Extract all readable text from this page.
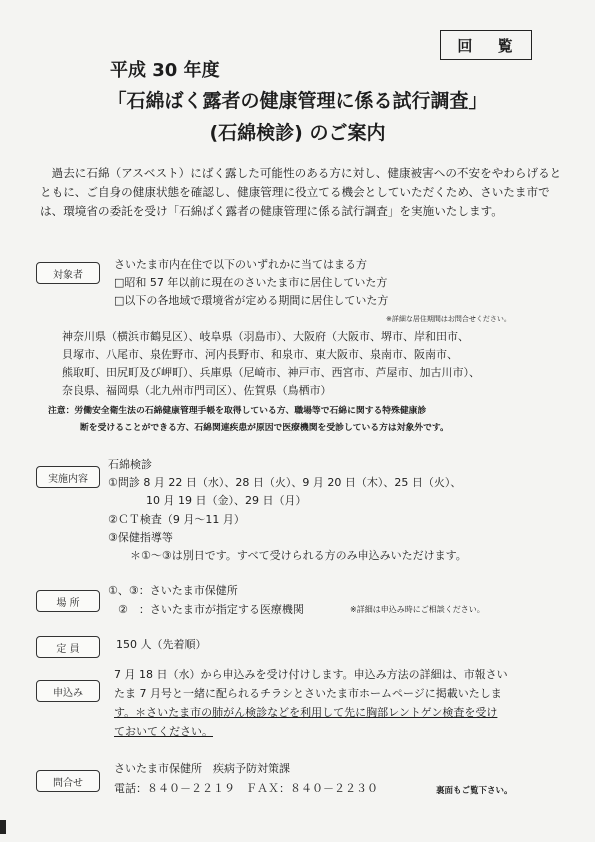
回 覧
平成 30 年度
「石綿ばく露者の健康管理に係る試行調査」
(石綿検診) のご案内
過去に石綿（アスベスト）にばく露した可能性のある方に対し、健康被害への不安をやわらげるとともに、ご自身の健康状態を確認し、健康管理に役立てる機会としていただくため、さいたま市では、環境省の委託を受け「石綿ばく露者の健康管理に係る試行調査」を実施いたします。
対象者
さいたま市内在住で以下のいずれかに当てはまる方
□昭和 57 年以前に現在のさいたま市に居住していた方
□以下の各地域で環境省が定める期間に居住していた方
※詳細な居住期間はお問合せください。
神奈川県（横浜市鶴見区）、岐阜県（羽島市）、大阪府（大阪市、堺市、岸和田市、
貝塚市、八尾市、泉佐野市、河内長野市、和泉市、東大阪市、泉南市、阪南市、
熊取町、田尻町及び岬町）、兵庫県（尼崎市、神戸市、西宮市、芦屋市、加古川市）、
奈良県、福岡県（北九州市門司区）、佐賀県（鳥栖市）
注意：労働安全衛生法の石綿健康管理手帳を取得している方、職場等で石綿に関する特殊健康診
断を受けることができる方、石綿関連疾患が原因で医療機関を受診している方は対象外です。
実施内容
石綿検診
①問診 8 月 22 日（水）、28 日（火）、9 月 20 日（木）、25 日（火）、
10 月 19 日（金）、29 日（月）
②ＣＴ検査（9 月～11 月）
③保健指導等
＊①～③は別日です。すべて受けられる方のみ申込みいただけます。
場 所
①、③：さいたま市保健所
②　：さいたま市が指定する医療機関	※詳細は申込み時にご相談ください。
定 員	150 人（先着順）
申込み
7 月 18 日（水）から申込みを受け付けします。申込み方法の詳細は、市報さい
たま 7 月号と一緒に配られるチラシとさいたま市ホームページに掲載いたしま
す。＊さいたま市の肺がん検診などを利用して先に胸部レントゲン検査を受け
ておいてください。
問合せ
さいたま市保健所　疾病予防対策課
電話：８４０－２２１９　ＦＡＸ：８４０－２２３０	裏面もご覧下さい。
